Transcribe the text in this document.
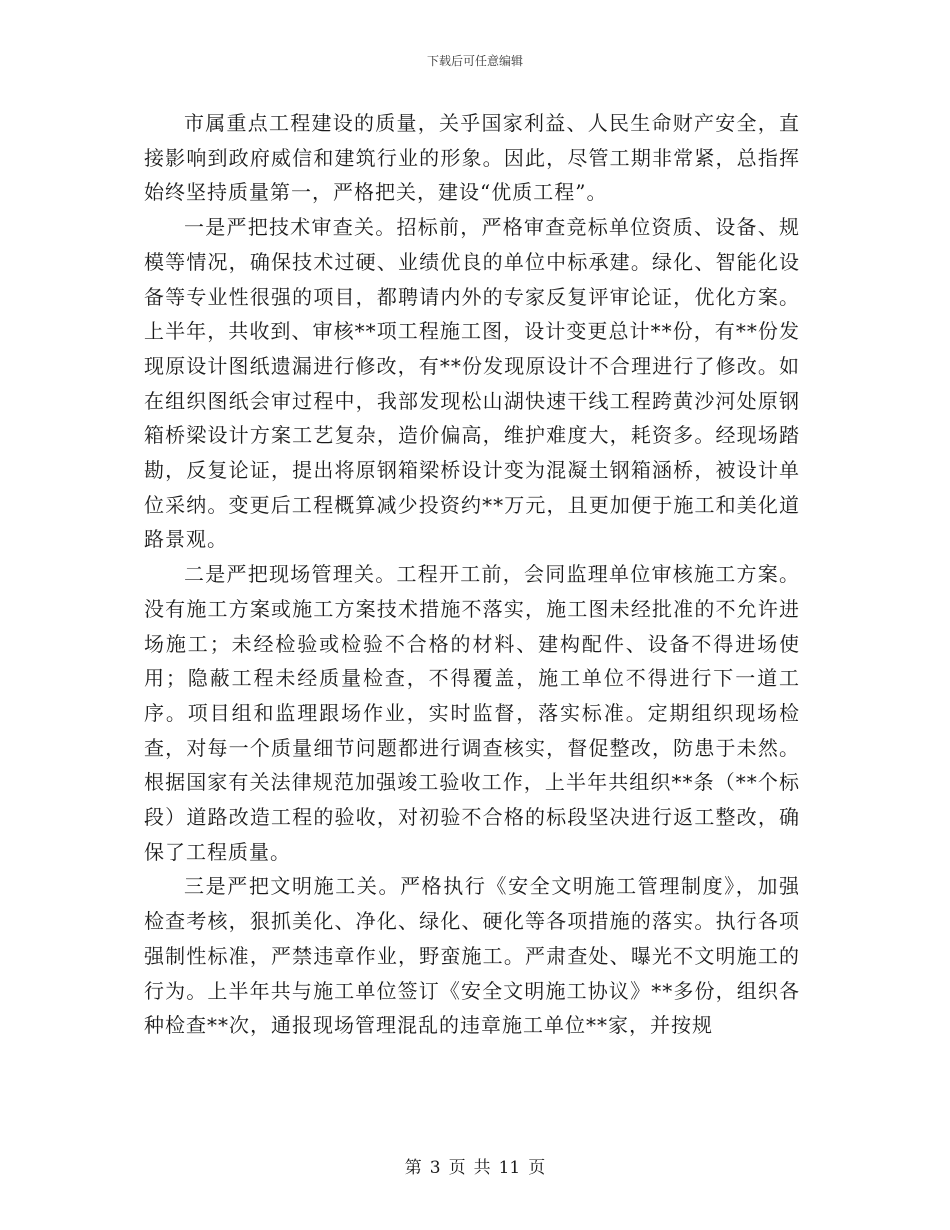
下载后可任意编辑

市属重点工程建设的质量，关乎国家利益、人民生命财产安全，直接影响到政府威信和建筑行业的形象。因此，尽管工期非常紧，总指挥始终坚持质量第一，严格把关，建设“优质工程”。

一是严把技术审查关。招标前，严格审查竞标单位资质、设备、规模等情况，确保技术过硬、业绩优良的单位中标承建。绿化、智能化设备等专业性很强的项目，都聘请内外的专家反复评审论证，优化方案。上半年，共收到、审核**项工程施工图，设计变更总计**份，有**份发现原设计图纸遗漏进行修改，有**份发现原设计不合理进行了修改。如在组织图纸会审过程中，我部发现松山湖快速干线工程跨黄沙河处原钢箱桥梁设计方案工艺复杂，造价偏高，维护难度大，耗资多。经现场踏勘，反复论证，提出将原钢箱梁桥设计变为混凝土钢箱涵桥，被设计单位采纳。变更后工程概算减少投资约**万元，且更加便于施工和美化道路景观。

二是严把现场管理关。工程开工前，会同监理单位审核施工方案。没有施工方案或施工方案技术措施不落实，施工图未经批准的不允许进场施工；未经检验或检验不合格的材料、建构配件、设备不得进场使用；隐蔽工程未经质量检查，不得覆盖，施工单位不得进行下一道工序。项目组和监理跟场作业，实时监督，落实标准。定期组织现场检查，对每一个质量细节问题都进行调查核实，督促整改，防患于未然。根据国家有关法律规范加强竣工验收工作，上半年共组织**条（**个标段）道路改造工程的验收，对初验不合格的标段坚决进行返工整改，确保了工程质量。

三是严把文明施工关。严格执行《安全文明施工管理制度》，加强检查考核，狠抓美化、净化、绿化、硬化等各项措施的落实。执行各项强制性标准，严禁违章作业，野蛮施工。严肃查处、曝光不文明施工的行为。上半年共与施工单位签订《安全文明施工协议》**多份，组织各种检查**次，通报现场管理混乱的违章施工单位**家，并按规

第 3 页 共 11 页
